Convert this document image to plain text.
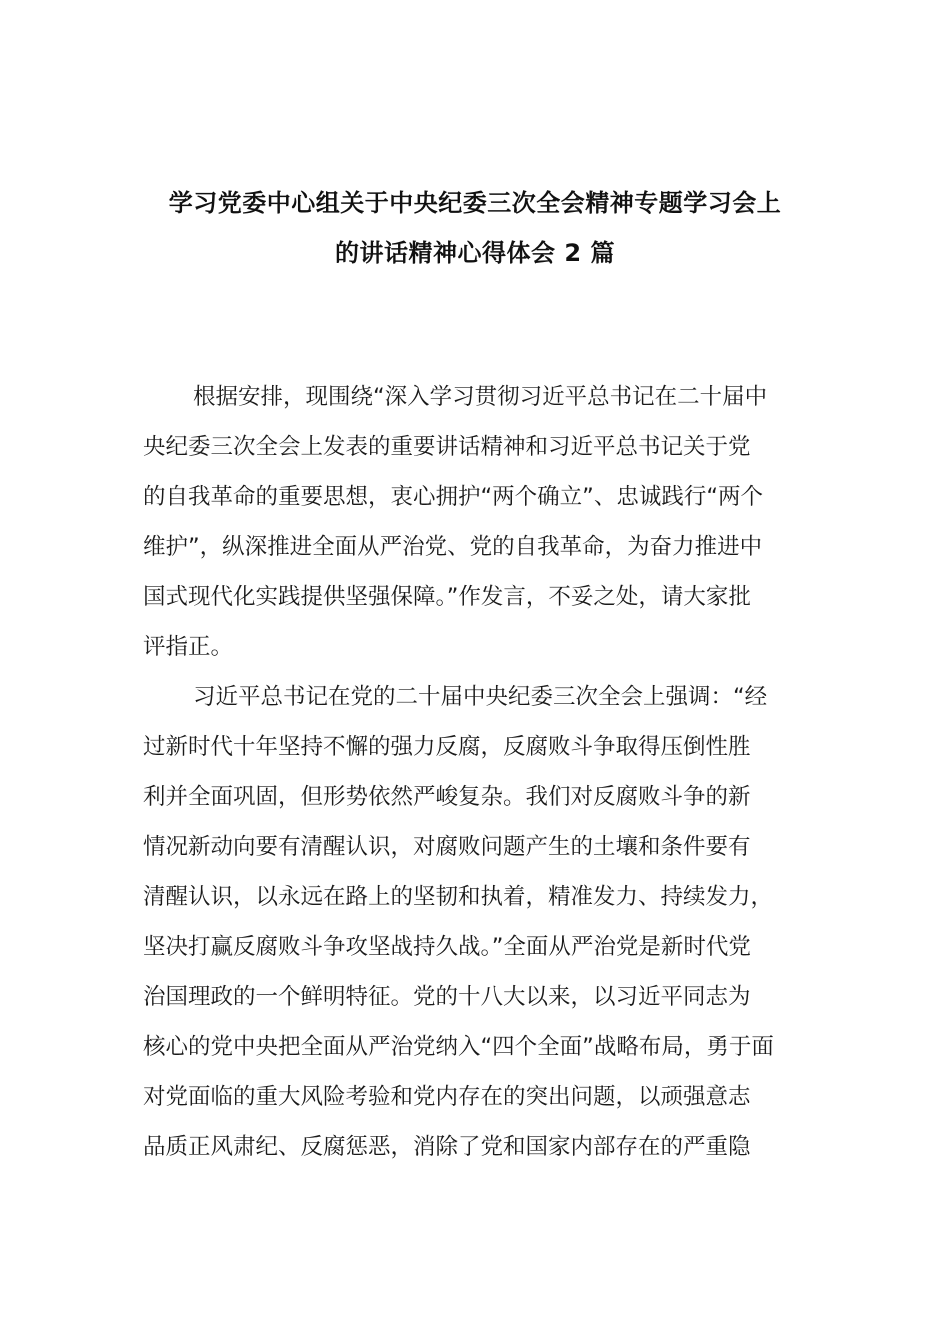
学习党委中心组关于中央纪委三次全会精神专题学习会上
的讲话精神心得体会 2 篇
根据安排，现围绕“深入学习贯彻习近平总书记在二十届中
央纪委三次全会上发表的重要讲话精神和习近平总书记关于党
的自我革命的重要思想，衷心拥护“两个确立”、忠诚践行“两个
维护”，纵深推进全面从严治党、党的自我革命，为奋力推进中
国式现代化实践提供坚强保障。”作发言，不妥之处，请大家批
评指正。
习近平总书记在党的二十届中央纪委三次全会上强调：“经
过新时代十年坚持不懈的强力反腐，反腐败斗争取得压倒性胜
利并全面巩固，但形势依然严峻复杂。我们对反腐败斗争的新
情况新动向要有清醒认识，对腐败问题产生的土壤和条件要有
清醒认识，以永远在路上的坚韧和执着，精准发力、持续发力，
坚决打赢反腐败斗争攻坚战持久战。”全面从严治党是新时代党
治国理政的一个鲜明特征。党的十八大以来，以习近平同志为
核心的党中央把全面从严治党纳入“四个全面”战略布局，勇于面
对党面临的重大风险考验和党内存在的突出问题，以顽强意志
品质正风肃纪、反腐惩恶，消除了党和国家内部存在的严重隐
